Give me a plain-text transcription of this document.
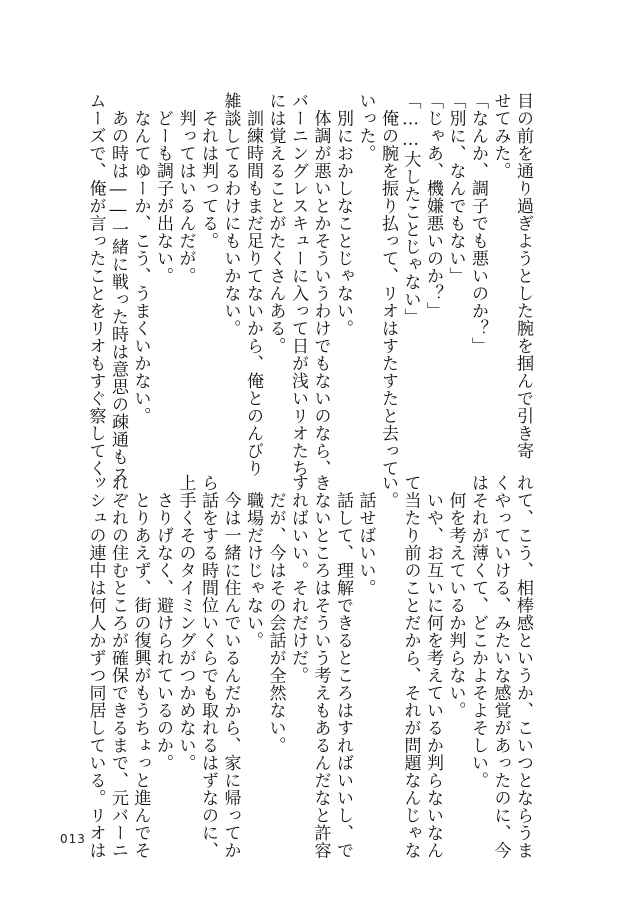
目の前を通り過ぎようとした腕を掴んで引き寄
せてみた。
「なんか、調子でも悪いのか？」
「別に、なんでもない」
「じゃあ、機嫌悪いのか？」
「……大したことじゃない」
　俺の腕を振り払って、リオはすたすたと去って
いった。
　別におかしなことじゃない。
　体調が悪いとかそういうわけでもないのなら、
バーニングレスキューに入って日が浅いリオたち
には覚えることがたくさんある。
　訓練時間もまだ足りてないから、俺とのんびり
雑談してるわけにもいかない。
　それは判ってる。
　判ってはいるんだが。
　どーも調子が出ない。
　なんてゆーか、こう、うまくいかない。
　あの時は――一緒に戦った時は意思の疎通もス
ムーズで、俺が言ったことをリオもすぐ察してく
れて、こう、相棒感というか、こいつとならうま
くやっていける、みたいな感覚があったのに、今
はそれが薄くて、どこかよそよそしい。
　何を考えているか判らない。
　いや、お互いに何を考えているか判らないなん
て当たり前のことだから、それが問題なんじゃな
い。
　話せばいい。
　話して、理解できるところはすればいいし、で
きないところはそういう考えもあるんだなと許容
すればいい。それだけだ。
　だが、今はその会話が全然ない。
　職場だけじゃない。
　今は一緒に住んでいるんだから、家に帰ってか
ら話をする時間位いくらでも取れるはずなのに、
上手くそのタイミングがつかめない。
　さりげなく、避けられているのか。
　とりあえず、街の復興がもうちょっと進んでそ
れぞれの住むところが確保できるまで、元バーニ
ッシュの連中は何人かずつ同居している。リオは
013
